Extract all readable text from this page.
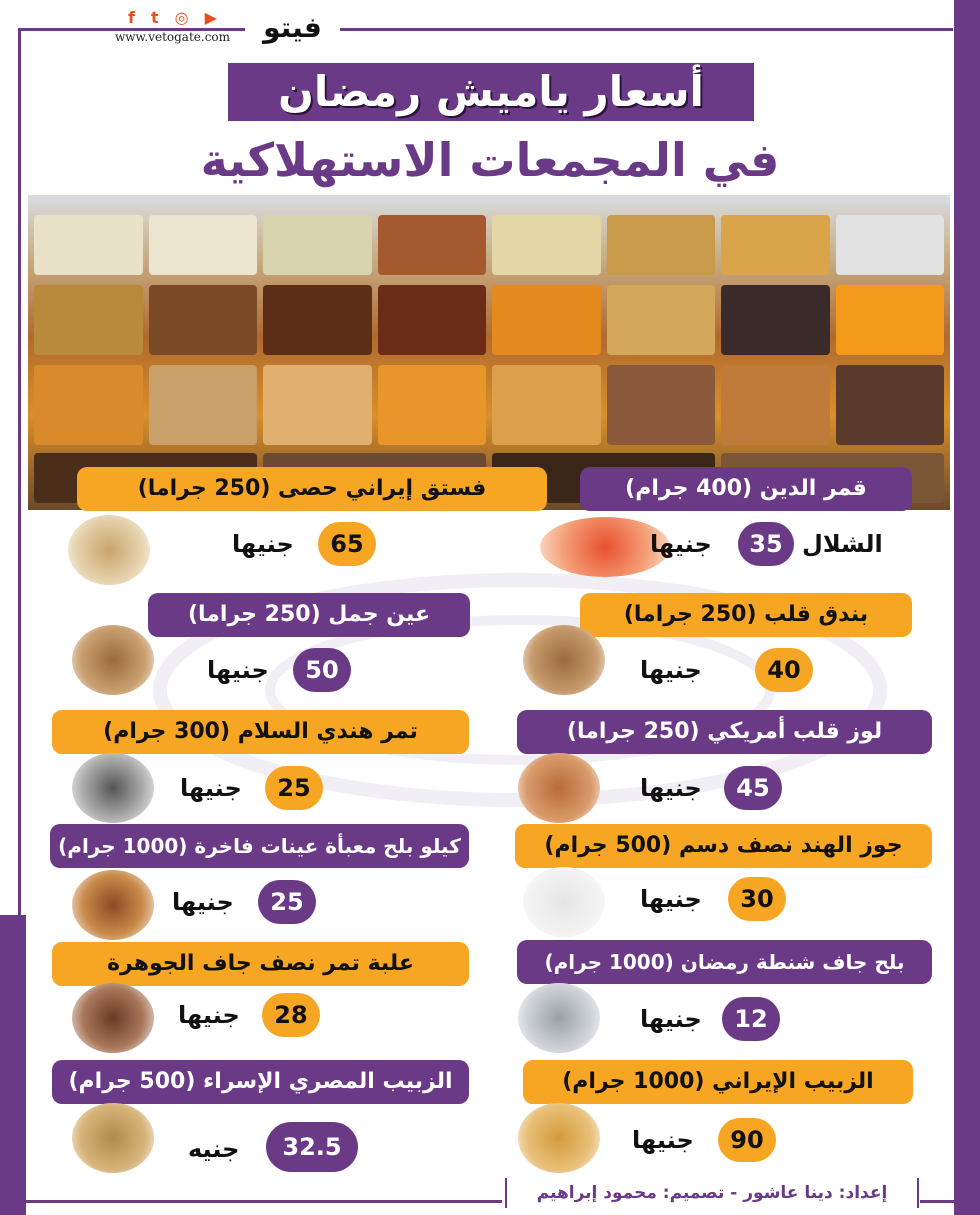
f t ◎ ▶
www.vetogate.com	فيتو
أسعار ياميش رمضان
في المجمعات الاستهلاكية
قمر الدين (400 جرام)
جنيها	35 الشلال
فستق إيراني حصى (250 جراما)
جنيها	65
بندق قلب (250 جراما)
جنيها	40
عين جمل (250 جراما)
جنيها	50
لوز قلب أمريكي (250 جراما)
جنيها	45
تمر هندي السلام (300 جرام)
جنيها	25
جوز الهند نصف دسم (500 جرام)
جنيها	30
كيلو بلح معبأة عينات فاخرة (1000 جرام)
جنيها	25
بلح جاف شنطة رمضان (1000 جرام)
جنيها	12
علبة تمر نصف جاف الجوهرة
جنيها	28
الزبيب الإيراني (1000 جرام)
جنيها	90
الزبيب المصري الإسراء (500 جرام)
جنيه	32.5
إعداد: دينا عاشور - تصميم: محمود إبراهيم
